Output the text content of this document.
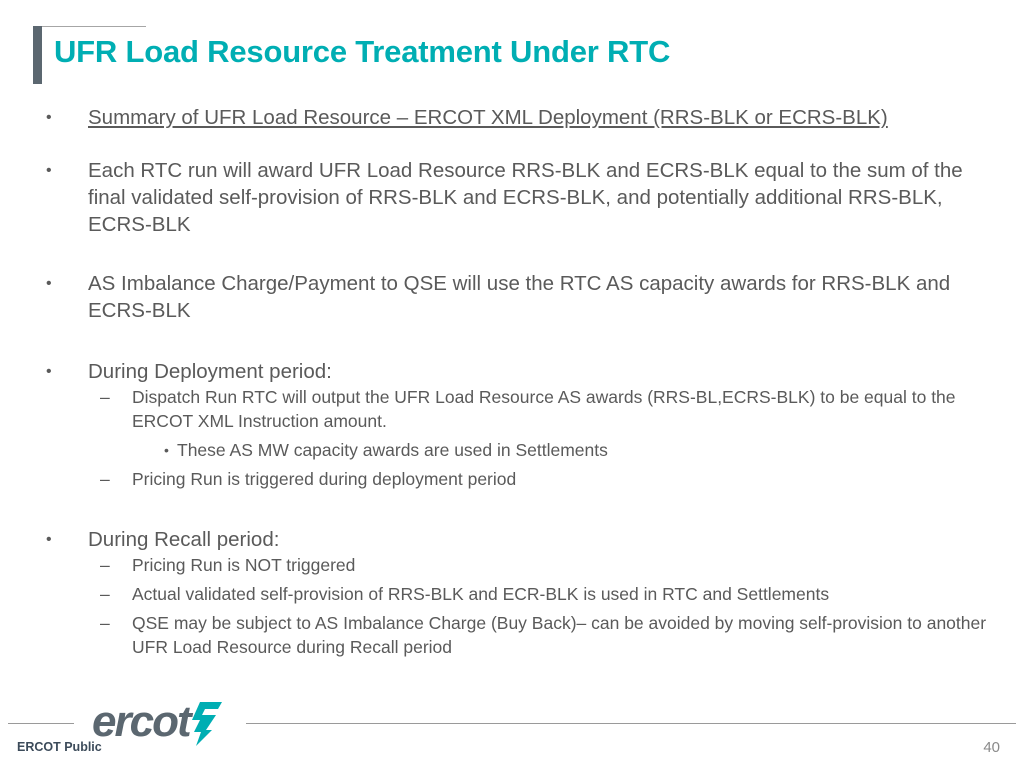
UFR Load Resource Treatment Under RTC
• Summary of UFR Load Resource – ERCOT XML Deployment (RRS-BLK or ECRS-BLK)
• Each RTC run will award UFR Load Resource RRS-BLK and ECRS-BLK equal to the sum of the final validated self-provision of RRS-BLK and ECRS-BLK, and potentially additional RRS-BLK, ECRS-BLK
• AS Imbalance Charge/Payment to QSE will use the RTC AS capacity awards for RRS-BLK and ECRS-BLK
• During Deployment period:
– Dispatch Run RTC will output the UFR Load Resource AS awards (RRS-BL,ECRS-BLK) to be equal to the ERCOT XML Instruction amount.
• These AS MW capacity awards are used in Settlements
– Pricing Run is triggered during deployment period
• During Recall period:
– Pricing Run is NOT triggered
– Actual validated self-provision of RRS-BLK and ECR-BLK is used in RTC and Settlements
– QSE may be subject to AS Imbalance Charge (Buy Back)– can be avoided by moving self-provision to another UFR Load Resource during Recall period
ercot
ERCOT Public	40
